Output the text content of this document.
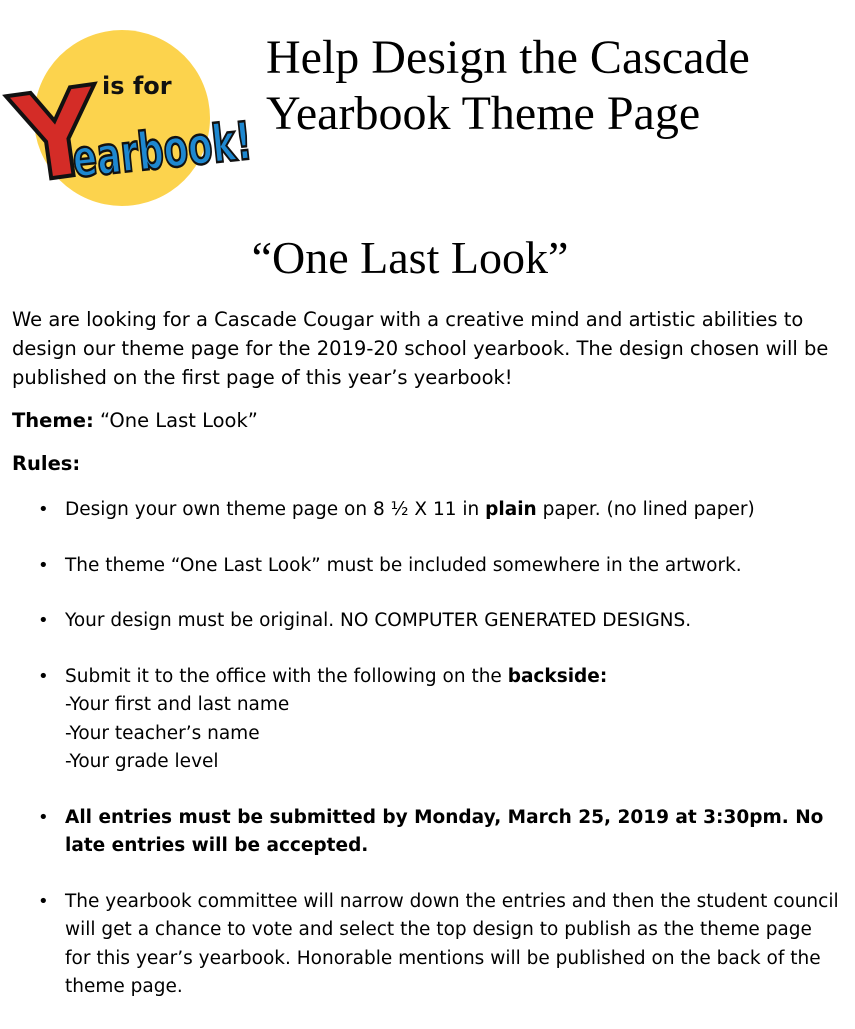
Y
is for
earbook!
Help Design the Cascade
Yearbook Theme Page
“One Last Look”

We are looking for a Cascade Cougar with a creative mind and artistic abilities to design our theme page for the 2019-20 school yearbook. The design chosen will be published on the first page of this year’s yearbook!

Theme: “One Last Look”

Rules:

• Design your own theme page on 8 ½ X 11 in plain paper. (no lined paper)
• The theme “One Last Look” must be included somewhere in the artwork.
• Your design must be original. NO COMPUTER GENERATED DESIGNS.
• Submit it to the office with the following on the backside:
-Your first and last name
-Your teacher’s name
-Your grade level
• All entries must be submitted by Monday, March 25, 2019 at 3:30pm. No late entries will be accepted.
• The yearbook committee will narrow down the entries and then the student council will get a chance to vote and select the top design to publish as the theme page for this year’s yearbook. Honorable mentions will be published on the back of the theme page.
